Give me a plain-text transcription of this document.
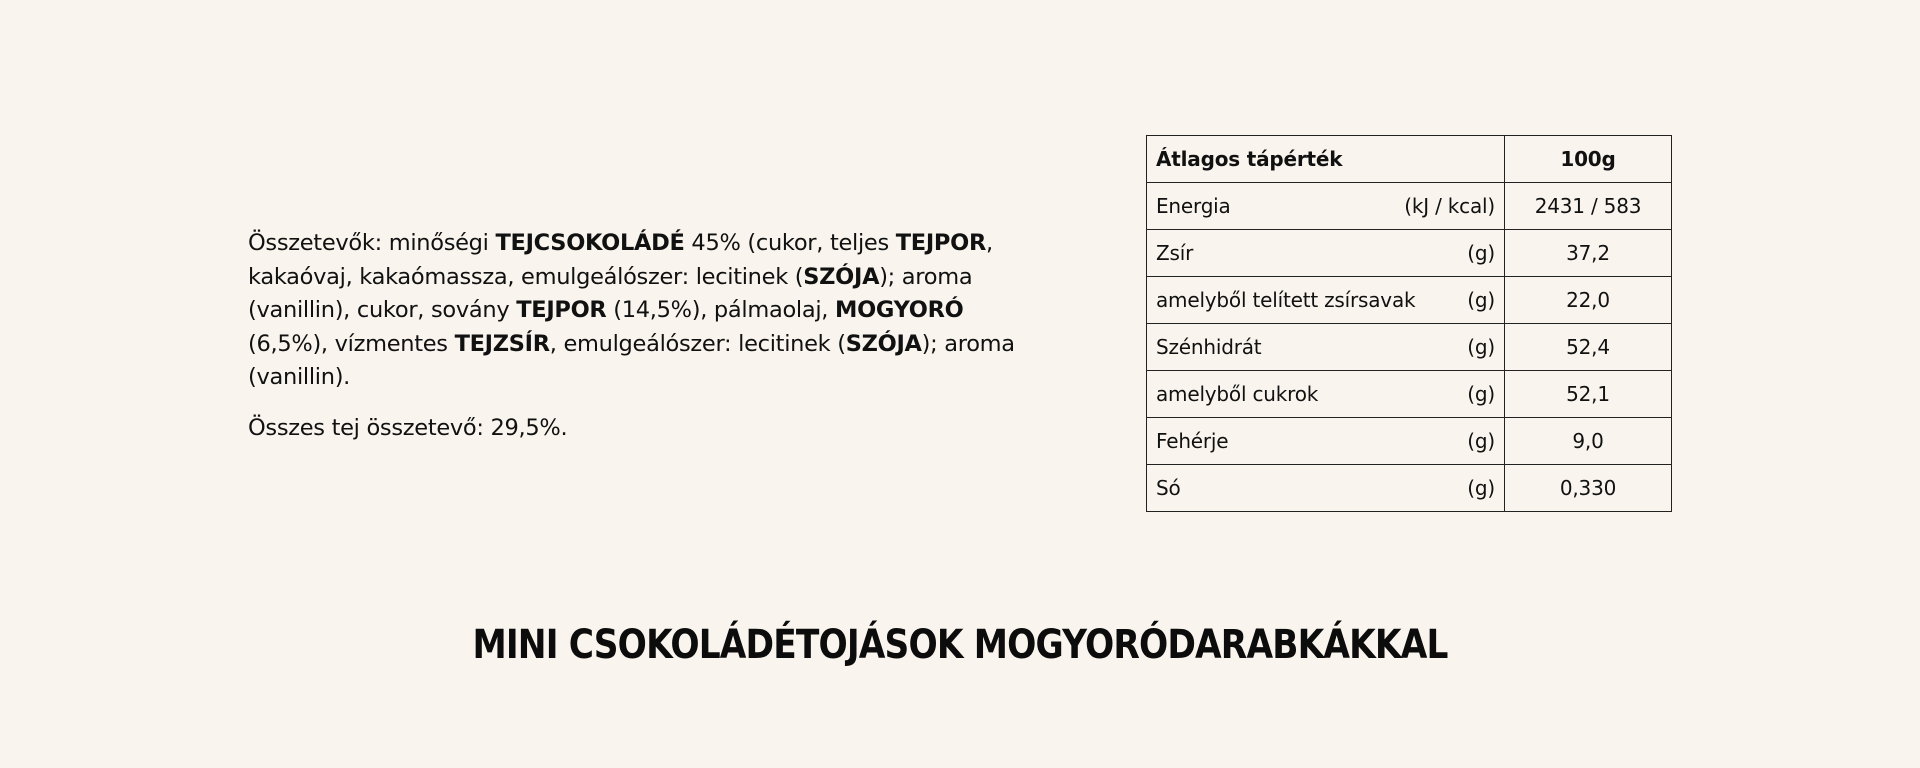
Összetevők: minőségi TEJCSOKOLÁDÉ 45% (cukor, teljes TEJPOR, kakaóvaj, kakaómassza, emulgeálószer: lecitinek (SZÓJA); aroma (vanillin), cukor, sovány TEJPOR (14,5%), pálmaolaj, MOGYORÓ (6,5%), vízmentes TEJZSÍR, emulgeálószer: lecitinek (SZÓJA); aroma (vanillin).

Összes tej összetevő: 29,5%.

Átlagos tápérték	100g

Energia (kJ / kcal)	2431 / 583

Zsír (g)	37,2

amelyből telített zsírsavak (g)	22,0

Szénhidrát (g)	52,4

amelyből cukrok (g)	52,1

Fehérje (g)	9,0

Só (g)	0,330
MINI CSOKOLÁDÉTOJÁSOK MOGYORÓDARABKÁKKAL
